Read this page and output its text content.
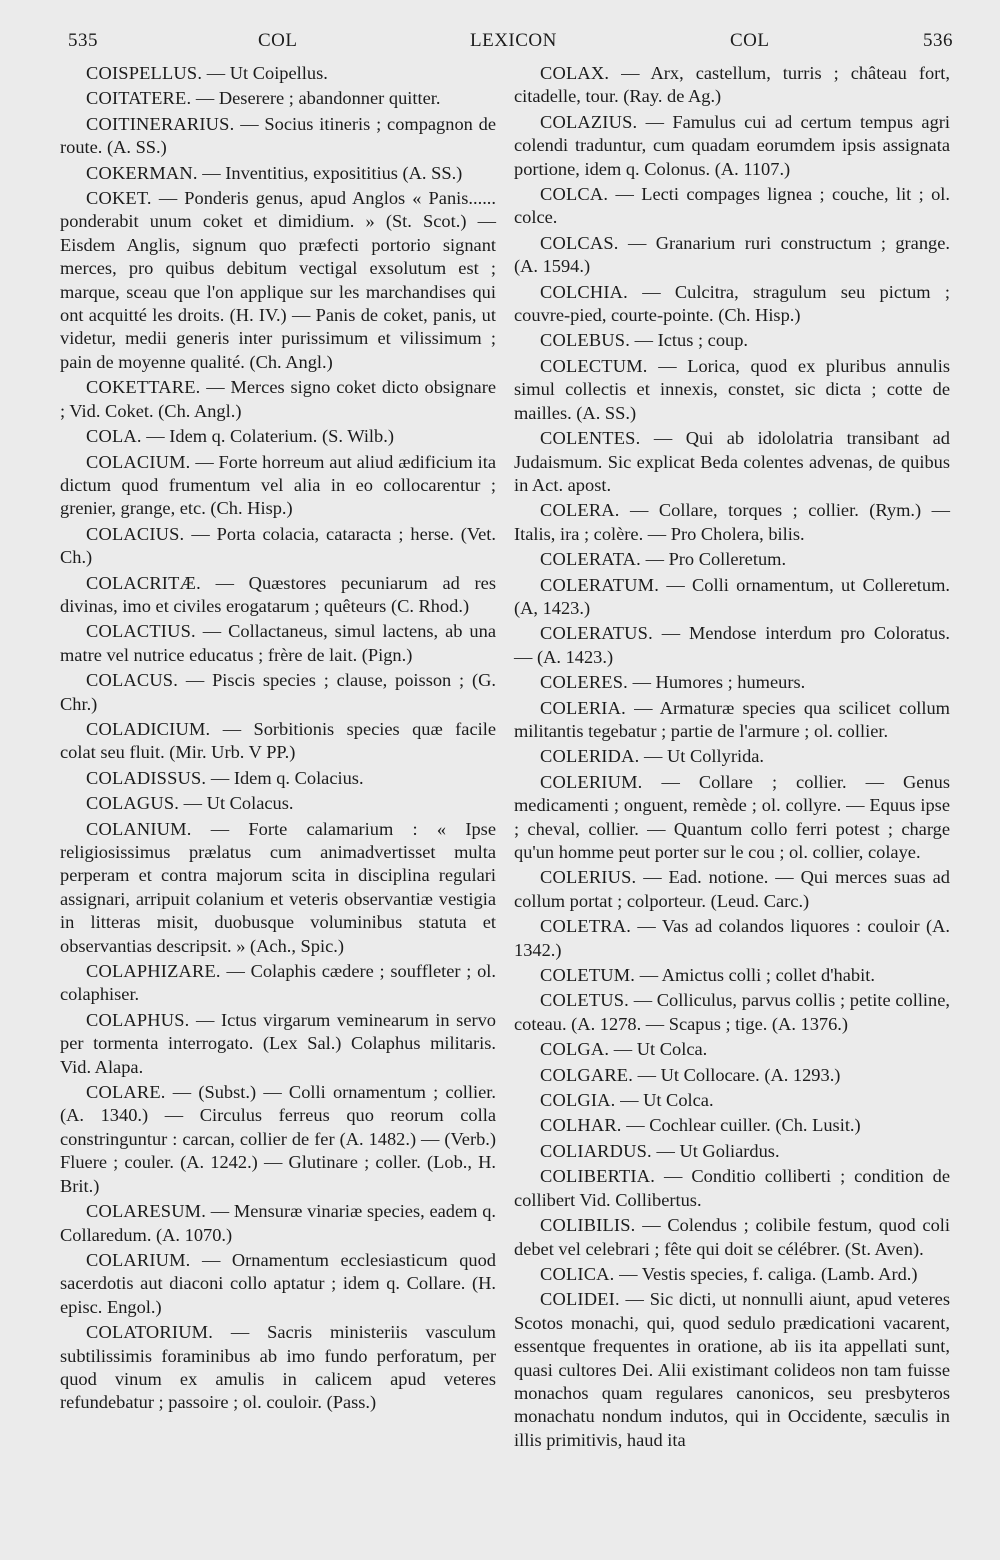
535	COL	LEXICON	COL	536

COISPELLUS. — Ut Coipellus.

COITATERE. — Deserere ; abandonner quitter.

COITINERARIUS. — Socius itineris ; compagnon de route. (A. SS.)

COKERMAN. — Inventitius, exposititius (A. SS.)

COKET. — Ponderis genus, apud Anglos « Panis...... ponderabit unum coket et dimidium. » (St. Scot.) — Eisdem Anglis, signum quo præfecti portorio signant merces, pro quibus debitum vectigal exsolutum est ; marque, sceau que l'on applique sur les marchandises qui ont acquitté les droits. (H. IV.) — Panis de coket, panis, ut videtur, medii generis inter purissimum et vilissimum ; pain de moyenne qualité. (Ch. Angl.)

COKETTARE. — Merces signo coket dicto obsignare ; Vid. Coket. (Ch. Angl.)

COLA. — Idem q. Colaterium. (S. Wilb.)

COLACIUM. — Forte horreum aut aliud ædificium ita dictum quod frumentum vel alia in eo collocarentur ; grenier, grange, etc. (Ch. Hisp.)

COLACIUS. — Porta colacia, cataracta ; herse. (Vet. Ch.)

COLACRITÆ. — Quæstores pecuniarum ad res divinas, imo et civiles erogatarum ; quêteurs (C. Rhod.)

COLACTIUS. — Collactaneus, simul lactens, ab una matre vel nutrice educatus ; frère de lait. (Pign.)

COLACUS. — Piscis species ; clause, poisson ; (G. Chr.)

COLADICIUM. — Sorbitionis species quæ facile colat seu fluit. (Mir. Urb. V PP.)

COLADISSUS. — Idem q. Colacius.

COLAGUS. — Ut Colacus.

COLANIUM. — Forte calamarium : « Ipse religiosissimus prælatus cum animadvertisset multa perperam et contra majorum scita in disciplina regulari assignari, arripuit colanium et veteris observantiæ vestigia in litteras misit, duobusque voluminibus statuta et observantias descripsit. » (Ach., Spic.)

COLAPHIZARE. — Colaphis cædere ; souffleter ; ol. colaphiser.

COLAPHUS. — Ictus virgarum veminearum in servo per tormenta interrogato. (Lex Sal.) Colaphus militaris. Vid. Alapa.

COLARE. — (Subst.) — Colli ornamentum ; collier. (A. 1340.) — Circulus ferreus quo reorum colla constringuntur : carcan, collier de fer (A. 1482.) — (Verb.) Fluere ; couler. (A. 1242.) — Glutinare ; coller. (Lob., H. Brit.)

COLARESUM. — Mensuræ vinariæ species, eadem q. Collaredum. (A. 1070.)

COLARIUM. — Ornamentum ecclesiasticum quod sacerdotis aut diaconi collo aptatur ; idem q. Collare. (H. episc. Engol.)

COLATORIUM. — Sacris ministeriis vasculum subtilissimis foraminibus ab imo fundo perforatum, per quod vinum ex amulis in calicem apud veteres refundebatur ; passoire ; ol. couloir. (Pass.)

COLAX. — Arx, castellum, turris ; château fort, citadelle, tour. (Ray. de Ag.)

COLAZIUS. — Famulus cui ad certum tempus agri colendi traduntur, cum quadam eorumdem ipsis assignata portione, idem q. Colonus. (A. 1107.)

COLCA. — Lecti compages lignea ; couche, lit ; ol. colce.

COLCAS. — Granarium ruri constructum ; grange. (A. 1594.)

COLCHIA. — Culcitra, stragulum seu pictum ; couvre-pied, courte-pointe. (Ch. Hisp.)

COLEBUS. — Ictus ; coup.

COLECTUM. — Lorica, quod ex pluribus annulis simul collectis et innexis, constet, sic dicta ; cotte de mailles. (A. SS.)

COLENTES. — Qui ab idololatria transibant ad Judaismum. Sic explicat Beda colentes advenas, de quibus in Act. apost.

COLERA. — Collare, torques ; collier. (Rym.) — Italis, ira ; colère. — Pro Cholera, bilis.

COLERATA. — Pro Colleretum.

COLERATUM. — Colli ornamentum, ut Colleretum. (A, 1423.)

COLERATUS. — Mendose interdum pro Coloratus. — (A. 1423.)

COLERES. — Humores ; humeurs.

COLERIA. — Armaturæ species qua scilicet collum militantis tegebatur ; partie de l'armure ; ol. collier.

COLERIDA. — Ut Collyrida.

COLERIUM. — Collare ; collier. — Genus medicamenti ; onguent, remède ; ol. collyre. — Equus ipse ; cheval, collier. — Quantum collo ferri potest ; charge qu'un homme peut porter sur le cou ; ol. collier, colaye.

COLERIUS. — Ead. notione. — Qui merces suas ad collum portat ; colporteur. (Leud. Carc.)

COLETRA. — Vas ad colandos liquores : couloir (A. 1342.)

COLETUM. — Amictus colli ; collet d'habit.

COLETUS. — Colliculus, parvus collis ; petite colline, coteau. (A. 1278. — Scapus ; tige. (A. 1376.)

COLGA. — Ut Colca.

COLGARE. — Ut Collocare. (A. 1293.)

COLGIA. — Ut Colca.

COLHAR. — Cochlear cuiller. (Ch. Lusit.)

COLIARDUS. — Ut Goliardus.

COLIBERTIA. — Conditio colliberti ; condition de collibert Vid. Collibertus.

COLIBILIS. — Colendus ; colibile festum, quod coli debet vel celebrari ; fête qui doit se célébrer. (St. Aven).

COLICA. — Vestis species, f. caliga. (Lamb. Ard.)

COLIDEI. — Sic dicti, ut nonnulli aiunt, apud veteres Scotos monachi, qui, quod sedulo prædicationi vacarent, essentque frequentes in oratione, ab iis ita appellati sunt, quasi cultores Dei. Alii existimant colideos non tam fuisse monachos quam regulares canonicos, seu presbyteros monachatu nondum indutos, qui in Occidente, sæculis in illis primitivis, haud ita
